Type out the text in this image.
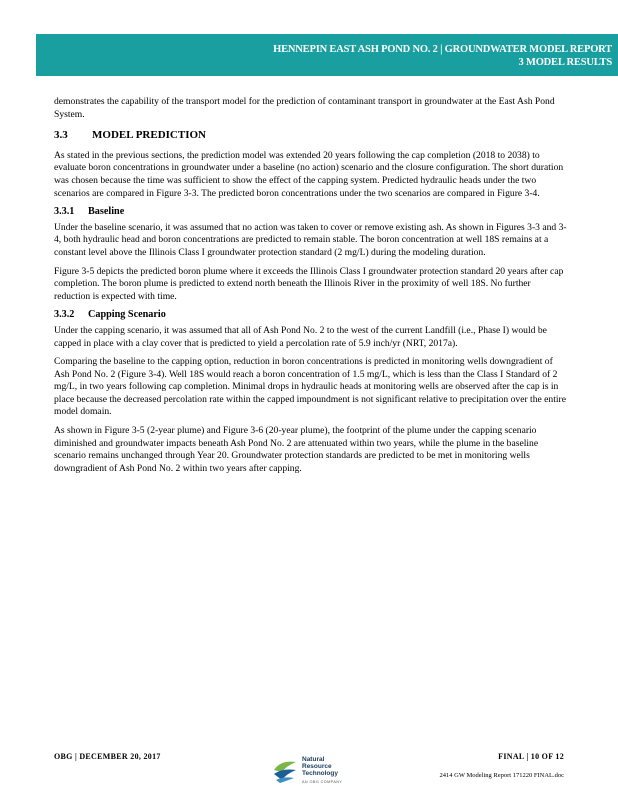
HENNEPIN EAST ASH POND NO. 2 | GROUNDWATER MODEL REPORT
3 MODEL RESULTS

demonstrates the capability of the transport model for the prediction of contaminant transport in groundwater at the East Ash Pond System.

3.3 MODEL PREDICTION

As stated in the previous sections, the prediction model was extended 20 years following the cap completion (2018 to 2038) to evaluate boron concentrations in groundwater under a baseline (no action) scenario and the closure configuration. The short duration was chosen because the time was sufficient to show the effect of the capping system. Predicted hydraulic heads under the two scenarios are compared in Figure 3-3. The predicted boron concentrations under the two scenarios are compared in Figure 3-4.

3.3.1 Baseline

Under the baseline scenario, it was assumed that no action was taken to cover or remove existing ash. As shown in Figures 3-3 and 3-4, both hydraulic head and boron concentrations are predicted to remain stable. The boron concentration at well 18S remains at a constant level above the Illinois Class I groundwater protection standard (2 mg/L) during the modeling duration.

Figure 3-5 depicts the predicted boron plume where it exceeds the Illinois Class I groundwater protection standard 20 years after cap completion. The boron plume is predicted to extend north beneath the Illinois River in the proximity of well 18S. No further reduction is expected with time.

3.3.2 Capping Scenario

Under the capping scenario, it was assumed that all of Ash Pond No. 2 to the west of the current Landfill (i.e., Phase I) would be capped in place with a clay cover that is predicted to yield a percolation rate of 5.9 inch/yr (NRT, 2017a).

Comparing the baseline to the capping option, reduction in boron concentrations is predicted in monitoring wells downgradient of Ash Pond No. 2 (Figure 3-4). Well 18S would reach a boron concentration of 1.5 mg/L, which is less than the Class I Standard of 2 mg/L, in two years following cap completion. Minimal drops in hydraulic heads at monitoring wells are observed after the cap is in place because the decreased percolation rate within the capped impoundment is not significant relative to precipitation over the entire model domain.

As shown in Figure 3-5 (2-year plume) and Figure 3-6 (20-year plume), the footprint of the plume under the capping scenario diminished and groundwater impacts beneath Ash Pond No. 2 are attenuated within two years, while the plume in the baseline scenario remains unchanged through Year 20. Groundwater protection standards are predicted to be met in monitoring wells downgradient of Ash Pond No. 2 within two years after capping.

OBG | DECEMBER 20, 2017	FINAL | 10 OF 12
2414 GW Modeling Report 171220 FINAL.doc
Natural
Resource
Technology
AN OBG COMPANY
